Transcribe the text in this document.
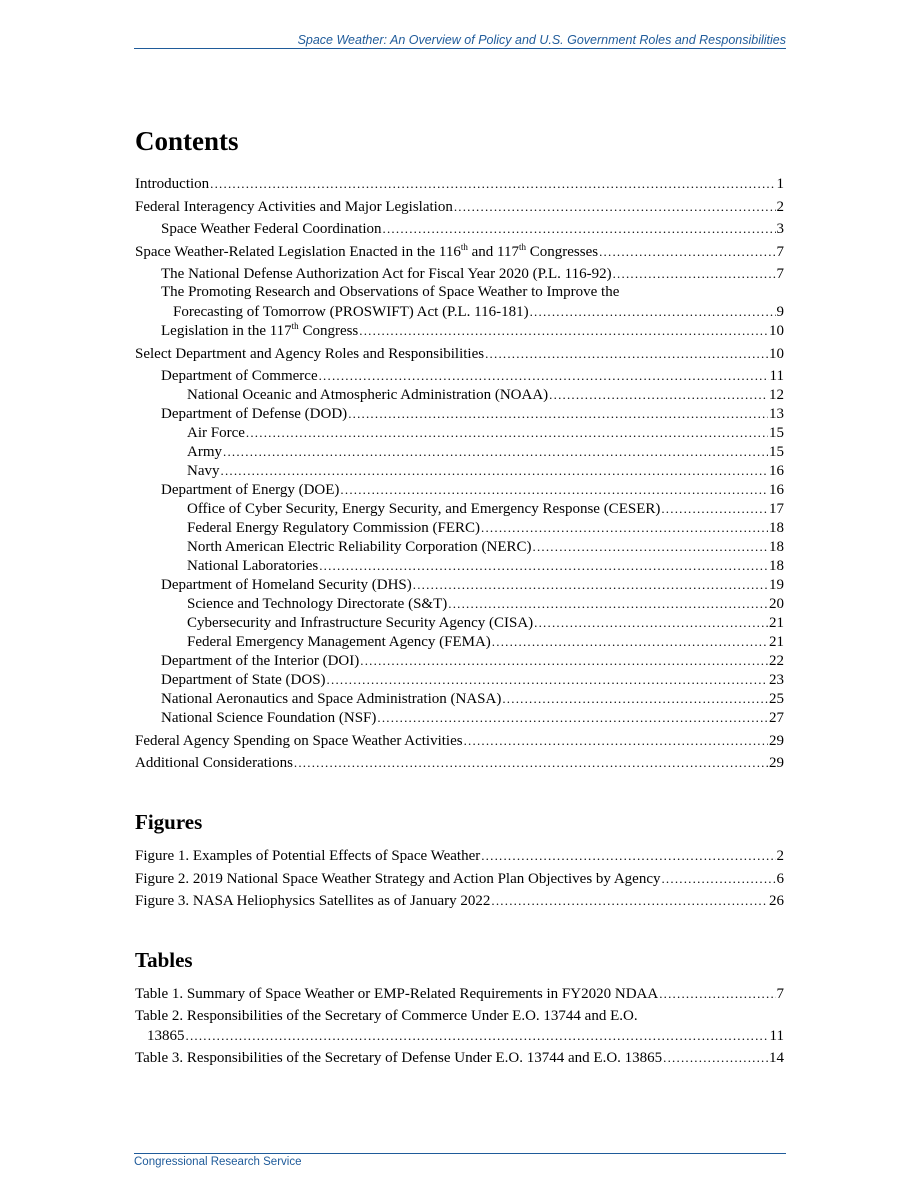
Space Weather: An Overview of Policy and U.S. Government Roles and Responsibilities
Contents
Introduction .....	1
Federal Interagency Activities and Major Legislation .....	2
Space Weather Federal Coordination .....	3
Space Weather-Related Legislation Enacted in the 116th and 117th Congresses .....	7
The National Defense Authorization Act for Fiscal Year 2020 (P.L. 116-92) .....	7
The Promoting Research and Observations of Space Weather to Improve the
Forecasting of Tomorrow (PROSWIFT) Act (P.L. 116-181) .....	9
Legislation in the 117th Congress .....	10
Select Department and Agency Roles and Responsibilities .....	10
Department of Commerce .....	11
National Oceanic and Atmospheric Administration (NOAA) .....	12
Department of Defense (DOD) .....	13
Air Force .....	15
Army .....	15
Navy .....	16
Department of Energy (DOE) .....	16
Office of Cyber Security, Energy Security, and Emergency Response (CESER) .....	17
Federal Energy Regulatory Commission (FERC) .....	18
North American Electric Reliability Corporation (NERC) .....	18
National Laboratories .....	18
Department of Homeland Security (DHS) .....	19
Science and Technology Directorate (S&T) .....	20
Cybersecurity and Infrastructure Security Agency (CISA) .....	21
Federal Emergency Management Agency (FEMA) .....	21
Department of the Interior (DOI) .....	22
Department of State (DOS) .....	23
National Aeronautics and Space Administration (NASA) .....	25
National Science Foundation (NSF) .....	27
Federal Agency Spending on Space Weather Activities .....	29
Additional Considerations .....	29
Figures
Figure 1. Examples of Potential Effects of Space Weather .....	2
Figure 2. 2019 National Space Weather Strategy and Action Plan Objectives by Agency .....	6
Figure 3. NASA Heliophysics Satellites as of January 2022 .....	26
Tables
Table 1. Summary of Space Weather or EMP-Related Requirements in FY2020 NDAA .....	7
Table 2. Responsibilities of the Secretary of Commerce Under E.O. 13744 and E.O.
13865 .....	11
Table 3. Responsibilities of the Secretary of Defense Under E.O. 13744 and E.O. 13865 .....	14
Congressional Research Service
